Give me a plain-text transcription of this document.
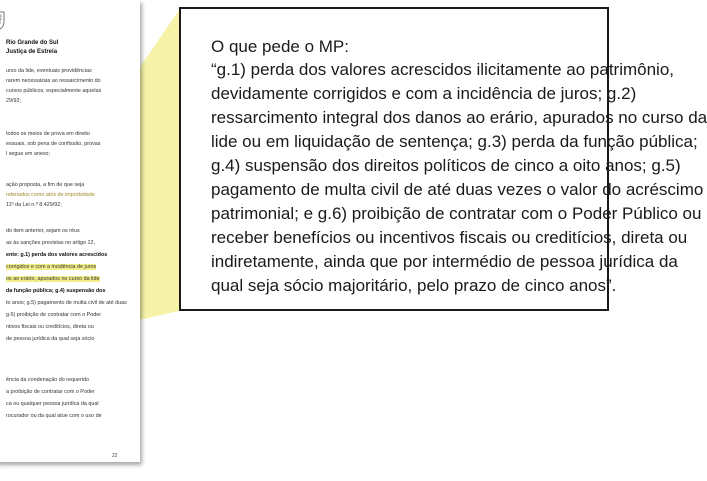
Rio Grande do Sul
Justiça de Estreia
urso da lide, eventuais providências
rarem necessárias ao ressarcimento do
cursos públicos, especialmente aquelas
29/92;
todos os meios de prova em direito
essuais, sob pena de confissão, provas
l segue em anexo;
ação proposta, a fim de que seja
ndenados como atos de improbidade
11º da Lei n.º 8.429/92;
do item anterior, sejam os réus
as às sanções previstas no artigo 12,
ente: g.1) perda dos valores acrescidos
corrigidos e com a incidência de juros
os ao erário, apurados no curso da lide
da função pública; g.4) suspensão dos
to anos; g.5) pagamento de multa civil de até duas
g.6) proibição de contratar com o Poder
ntivos fiscais ou creditícios, direta ou
de pessoa jurídica da qual seja sócio
ência da condenação do requerido
a proibição de contratar com o Poder
ca ou qualquer pessoa jurídica da qual
rocurador ou da qual atue com o uso de
22
O que pede o MP:
“g.1) perda dos valores acrescidos ilicitamente ao patrimônio,
devidamente corrigidos e com a incidência de juros; g.2)
ressarcimento integral dos danos ao erário, apurados no curso da
lide ou em liquidação de sentença; g.3) perda da função pública;
g.4) suspensão dos direitos políticos de cinco a oito anos; g.5)
pagamento de multa civil de até duas vezes o valor do acréscimo
patrimonial; e g.6) proibição de contratar com o Poder Público ou
receber benefícios ou incentivos fiscais ou creditícios, direta ou
indiretamente, ainda que por intermédio de pessoa jurídica da
qual seja sócio majoritário, pelo prazo de cinco anos”.
